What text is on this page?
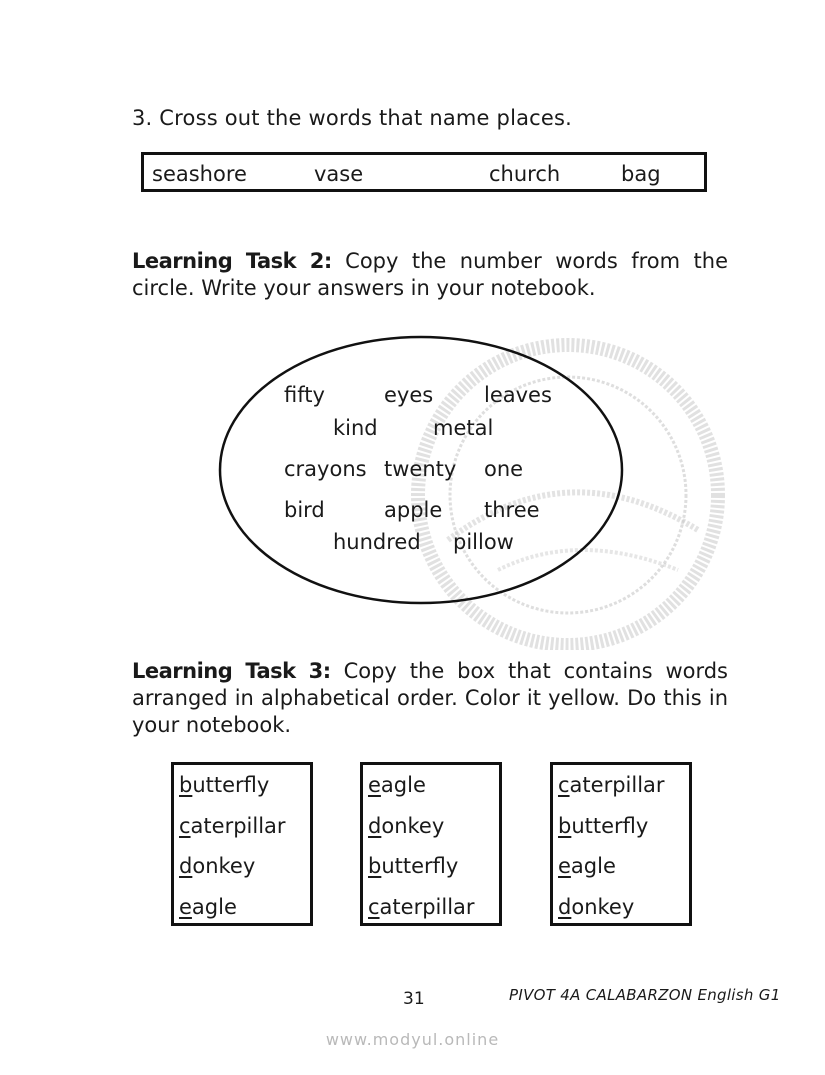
3. Cross out the words that name places.
seashore	vase	church	bag
Learning Task 2: Copy the number words from the circle. Write your answers in your notebook.
fifty	eyes leaves
kind	metal
crayons twenty one
bird	apple three
hundred pillow
Learning Task 3: Copy the box that contains words arranged in alphabetical order. Color it yellow. Do this in your notebook.
butterfly
caterpillar
donkey
eagle
eagle
donkey
butterfly
caterpillar
caterpillar
butterfly
eagle
donkey
31	PIVOT 4A CALABARZON English G1
www.modyul.online
